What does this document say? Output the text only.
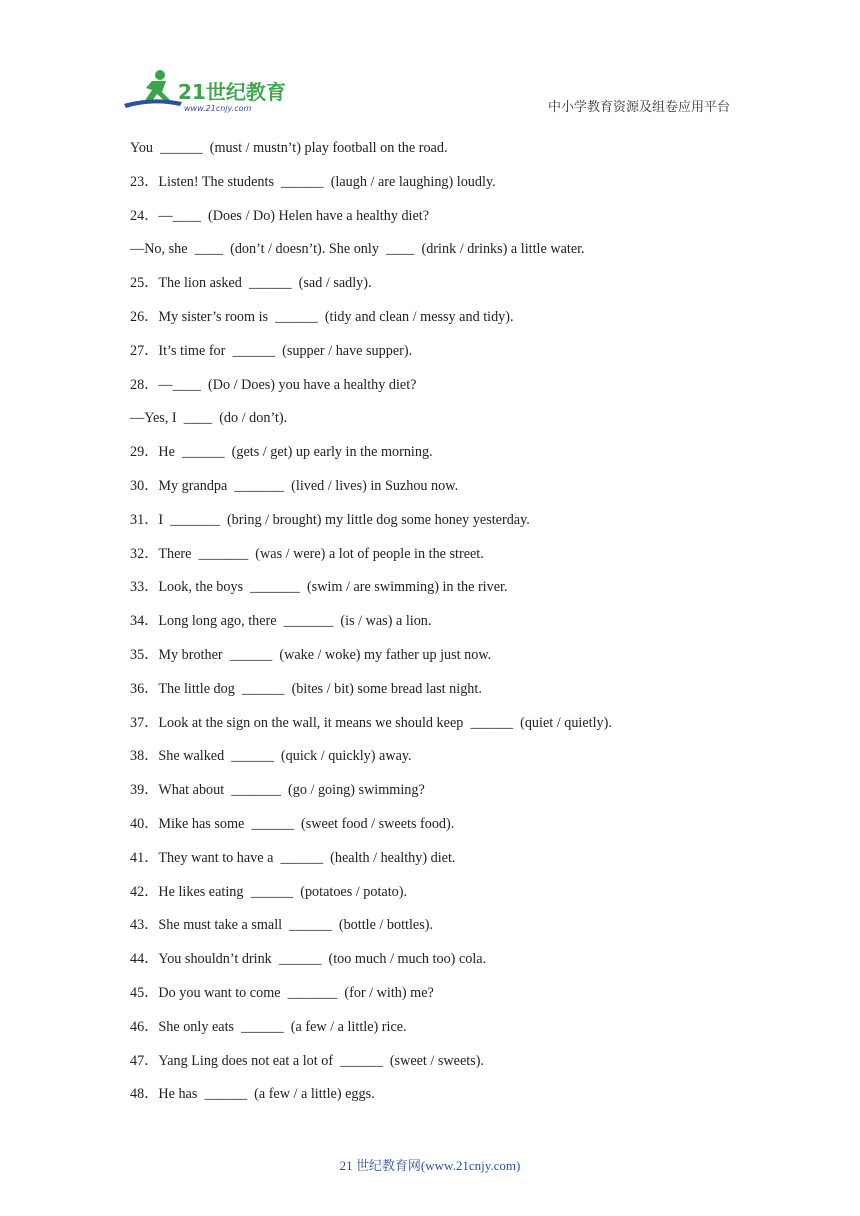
21世纪教育
www.21cnjy.com	中小学教育资源及组卷应用平台
You  ______  (must / mustn’t) play football on the road.
23．Listen! The students  ______  (laugh / are laughing) loudly.
24．—____  (Does / Do) Helen have a healthy diet?
—No, she  ____  (don’t / doesn’t). She only  ____  (drink / drinks) a little water.
25．The lion asked  ______  (sad / sadly).
26．My sister’s room is  ______  (tidy and clean / messy and tidy).
27．It’s time for  ______  (supper / have supper).
28．—____  (Do / Does) you have a healthy diet?
—Yes, I  ____  (do / don’t).
29．He  ______  (gets / get) up early in the morning.
30．My grandpa  _______  (lived / lives) in Suzhou now.
31．I  _______  (bring / brought) my little dog some honey yesterday.
32．There  _______  (was / were) a lot of people in the street.
33．Look, the boys  _______  (swim / are swimming) in the river.
34．Long long ago, there  _______  (is / was) a lion.
35．My brother  ______  (wake / woke) my father up just now.
36．The little dog  ______  (bites / bit) some bread last night.
37．Look at the sign on the wall, it means we should keep  ______  (quiet / quietly).
38．She walked  ______  (quick / quickly) away.
39．What about  _______  (go / going) swimming?
40．Mike has some  ______  (sweet food / sweets food).
41．They want to have a  ______  (health / healthy) diet.
42．He likes eating  ______  (potatoes / potato).
43．She must take a small  ______  (bottle / bottles).
44．You shouldn’t drink  ______  (too much / much too) cola.
45．Do you want to come  _______  (for / with) me?
46．She only eats  ______  (a few / a little) rice.
47．Yang Ling does not eat a lot of  ______  (sweet / sweets).
48．He has  ______  (a few / a little) eggs.
21 世纪教育网(www.21cnjy.com)
